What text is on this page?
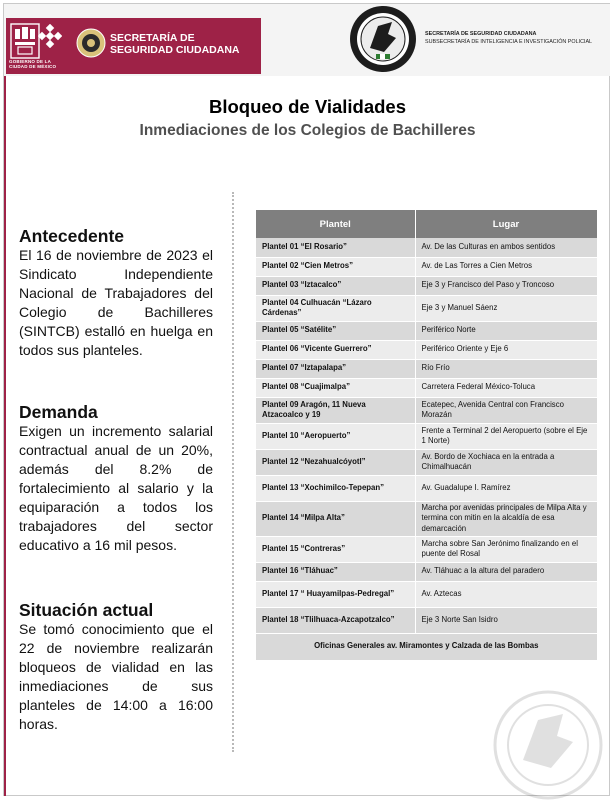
GOBIERNO DE LA
CIUDAD DE MÉXICO
SECRETARÍA DE
SEGURIDAD CIUDADANA
SECRETARÍA DE SEGURIDAD CIUDADANA
SUBSECRETARÍA DE INTELIGENCIA E INVESTIGACIÓN POLICIAL
Bloqueo de Vialidades
Inmediaciones de los Colegios de Bachilleres

Antecedente

El 16 de noviembre de 2023 el Sindicato Independiente Nacional de Trabajadores del Colegio de Bachilleres (SINTCB) estalló en huelga en todos sus planteles.

Demanda

Exigen un incremento salarial contractual anual de un 20%, además del 8.2% de fortalecimiento al salario y la equiparación a todos los trabajadores del sector educativo a 16 mil pesos.

Situación actual

Se tomó conocimiento que el 22 de noviembre realizarán bloqueos de vialidad en las inmediaciones de sus planteles de 14:00 a 16:00 horas.

Plantel	Lugar
Plantel 01 “El Rosario”	Av. De las Culturas en ambos sentidos
Plantel 02 “Cien Metros”	Av. de Las Torres a Cien Metros
Plantel 03 “Iztacalco”	Eje 3 y Francisco del Paso y Troncoso
Plantel 04 Culhuacán “Lázaro Cárdenas”	Eje 3 y Manuel Sáenz
Plantel 05 “Satélite”	Periférico Norte
Plantel 06 “Vicente Guerrero”	Periférico Oriente y Eje 6
Plantel 07 “Iztapalapa”	Río Frío
Plantel 08 “Cuajimalpa”	Carretera Federal México-Toluca
Plantel 09 Aragón, 11 Nueva Atzacoalco y 19	Ecatepec, Avenida Central con Francisco Morazán
Plantel 10 “Aeropuerto”	Frente a Terminal 2 del Aeropuerto (sobre el Eje 1 Norte)
Plantel 12 “Nezahualcóyotl”	Av. Bordo de Xochiaca en la entrada a Chimalhuacán
Plantel 13 “Xochimilco-Tepepan”	Av. Guadalupe I. Ramírez
Plantel 14 “Milpa Alta”	Marcha por avenidas principales de Milpa Alta y termina con mitin en la alcaldía de esa demarcación
Plantel 15 “Contreras”	Marcha sobre San Jerónimo finalizando en el puente del Rosal
Plantel 16 “Tláhuac”	Av. Tláhuac a la altura del paradero
Plantel 17 “ Huayamilpas-Pedregal”	Av. Aztecas
Plantel 18 “Tlilhuaca-Azcapotzalco”	Eje 3 Norte San Isidro
Oficinas Generales av. Miramontes y Calzada de las Bombas	
